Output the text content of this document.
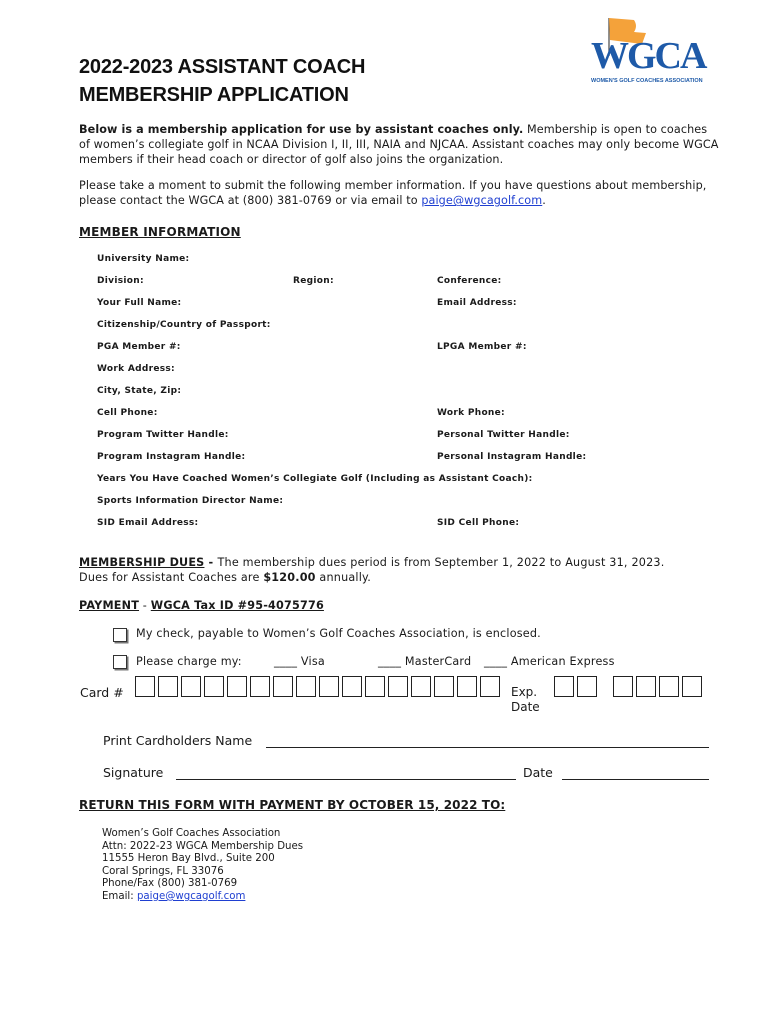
2022-2023 ASSISTANT COACH
MEMBERSHIP APPLICATION
WGCA
WOMEN'S GOLF COACHES ASSOCIATION
Below is a membership application for use by assistant coaches only. Membership is open to coaches of women’s collegiate golf in NCAA Division I, II, III, NAIA and NJCAA. Assistant coaches may only become WGCA members if their head coach or director of golf also joins the organization.
Please take a moment to submit the following member information. If you have questions about membership, please contact the WGCA at (800) 381-0769 or via email to paige@wgcagolf.com.
MEMBER INFORMATION
University Name:
Division:	Region:	Conference:
Your Full Name:	Email Address:
Citizenship/Country of Passport:
PGA Member #:	LPGA Member #:
Work Address:
City, State, Zip:
Cell Phone:	Work Phone:
Program Twitter Handle:	Personal Twitter Handle:
Program Instagram Handle:	Personal Instagram Handle:
Years You Have Coached Women’s Collegiate Golf (Including as Assistant Coach):
Sports Information Director Name:
SID Email Address:	SID Cell Phone:
MEMBERSHIP DUES - The membership dues period is from September 1, 2022 to August 31, 2023.
Dues for Assistant Coaches are $120.00 annually.
PAYMENT - WGCA Tax ID #95-4075776
My check, payable to Women’s Golf Coaches Association, is enclosed.
Please charge my:	____ Visa	____ MasterCard ____ American Express
Card #	Exp.
Date
Print Cardholders Name
Signature	Date
RETURN THIS FORM WITH PAYMENT BY OCTOBER 15, 2022 TO:
Women’s Golf Coaches Association
Attn: 2022-23 WGCA Membership Dues
11555 Heron Bay Blvd., Suite 200
Coral Springs, FL 33076
Phone/Fax (800) 381-0769
Email: paige@wgcagolf.com
